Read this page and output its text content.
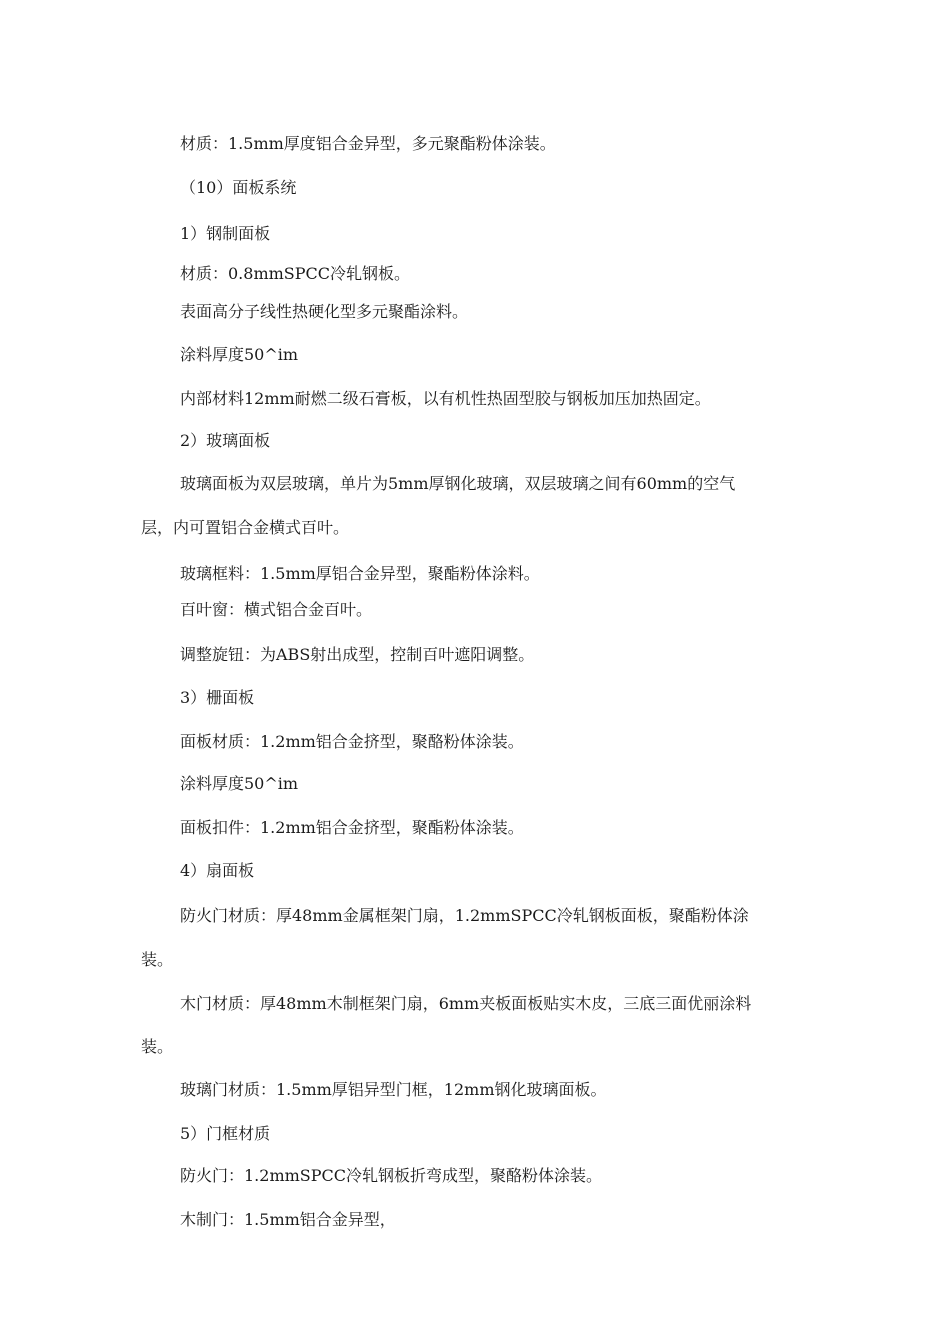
材质：1.5mm厚度铝合金异型，多元聚酯粉体涂装。
（10）面板系统
1）钢制面板
材质：0.8mmSPCC冷轧钢板。
表面高分子线性热硬化型多元聚酯涂料。
涂料厚度50^im
内部材料12mm耐燃二级石膏板，以有机性热固型胶与钢板加压加热固定。
2）玻璃面板
玻璃面板为双层玻璃，单片为5mm厚钢化玻璃，双层玻璃之间有60mm的空气
层，内可置铝合金横式百叶。
玻璃框料：1.5mm厚铝合金异型，聚酯粉体涂料。
百叶窗：横式铝合金百叶。
调整旋钮：为ABS射出成型，控制百叶遮阳调整。
3）栅面板
面板材质：1.2mm铝合金挤型，聚酪粉体涂装。
涂料厚度50^im
面板扣件：1.2mm铝合金挤型，聚酯粉体涂装。
4）扇面板
防火门材质：厚48mm金属框架门扇，1.2mmSPCC冷轧钢板面板，聚酯粉体涂
装。
木门材质：厚48mm木制框架门扇，6mm夹板面板贴实木皮，三底三面优丽涂料
装。
玻璃门材质：1.5mm厚铝异型门框，12mm钢化玻璃面板。
5）门框材质
防火门：1.2mmSPCC冷轧钢板折弯成型，聚酪粉体涂装。
木制门：1.5mm铝合金异型，
